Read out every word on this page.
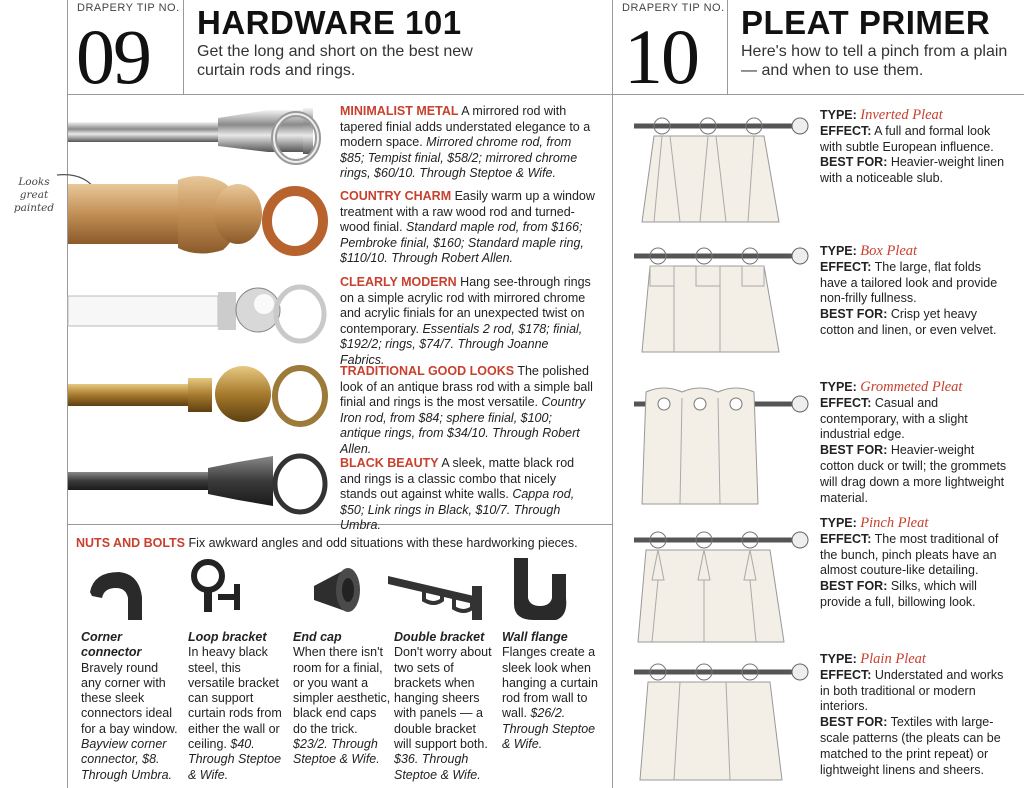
DRAPERY TIP NO.
09 HARDWARE 101
Get the long and short on the best new curtain rods and rings.
DRAPERY TIP NO.
10 PLEAT PRIMER
Here's how to tell a pinch from a plain — and when to use them.
Looks great painted
MINIMALIST METAL A mirrored rod with tapered finial adds understated elegance to a modern space. Mirrored chrome rod, from $85; Tempist finial, $58/2; mirrored chrome rings, $60/10. Through Steptoe & Wife.
COUNTRY CHARM Easily warm up a window treatment with a raw wood rod and turned-wood finial. Standard maple rod, from $166; Pembroke finial, $160; Standard maple ring, $110/10. Through Robert Allen.
CLEARLY MODERN Hang see-through rings on a simple acrylic rod with mirrored chrome and acrylic finials for an unexpected twist on contemporary. Essentials 2 rod, $178; finial, $192/2; rings, $74/7. Through Joanne Fabrics.
TRADITIONAL GOOD LOOKS The polished look of an antique brass rod with a simple ball finial and rings is the most versatile. Country Iron rod, from $84; sphere finial, $100; antique rings, from $34/10. Through Robert Allen.
BLACK BEAUTY A sleek, matte black rod and rings is a classic combo that nicely stands out against white walls. Cappa rod, $50; Link rings in Black, $10/7. Through Umbra.
NUTS AND BOLTS Fix awkward angles and odd situations with these hardworking pieces.
Corner connector
Bravely round any corner with these sleek connectors ideal for a bay window. Bayview corner connector, $8. Through Umbra.
Loop bracket
In heavy black steel, this versatile bracket can support curtain rods from either the wall or ceiling. $40. Through Steptoe & Wife.
End cap
When there isn't room for a finial, or you want a simpler aesthetic, black end caps do the trick. $23/2. Through Steptoe & Wife.
Double bracket
Don't worry about two sets of brackets when hanging sheers with panels — a double bracket will support both. $36. Through Steptoe & Wife.
Wall flange
Flanges create a sleek look when hanging a curtain rod from wall to wall. $26/2. Through Steptoe & Wife.
TYPE: Inverted Pleat
EFFECT: A full and formal look with subtle European influence.
BEST FOR: Heavier-weight linen with a noticeable slub.
TYPE: Box Pleat
EFFECT: The large, flat folds have a tailored look and provide non-frilly fullness.
BEST FOR: Crisp yet heavy cotton and linen, or even velvet.
TYPE: Grommeted Pleat
EFFECT: Casual and contemporary, with a slight industrial edge.
BEST FOR: Heavier-weight cotton duck or twill; the grommets will drag down a more lightweight material.
TYPE: Pinch Pleat
EFFECT: The most traditional of the bunch, pinch pleats have an almost couture-like detailing.
BEST FOR: Silks, which will provide a full, billowing look.
TYPE: Plain Pleat
EFFECT: Understated and works in both traditional or modern interiors.
BEST FOR: Textiles with large-scale patterns (the pleats can be matched to the print repeat) or lightweight linens and sheers.
